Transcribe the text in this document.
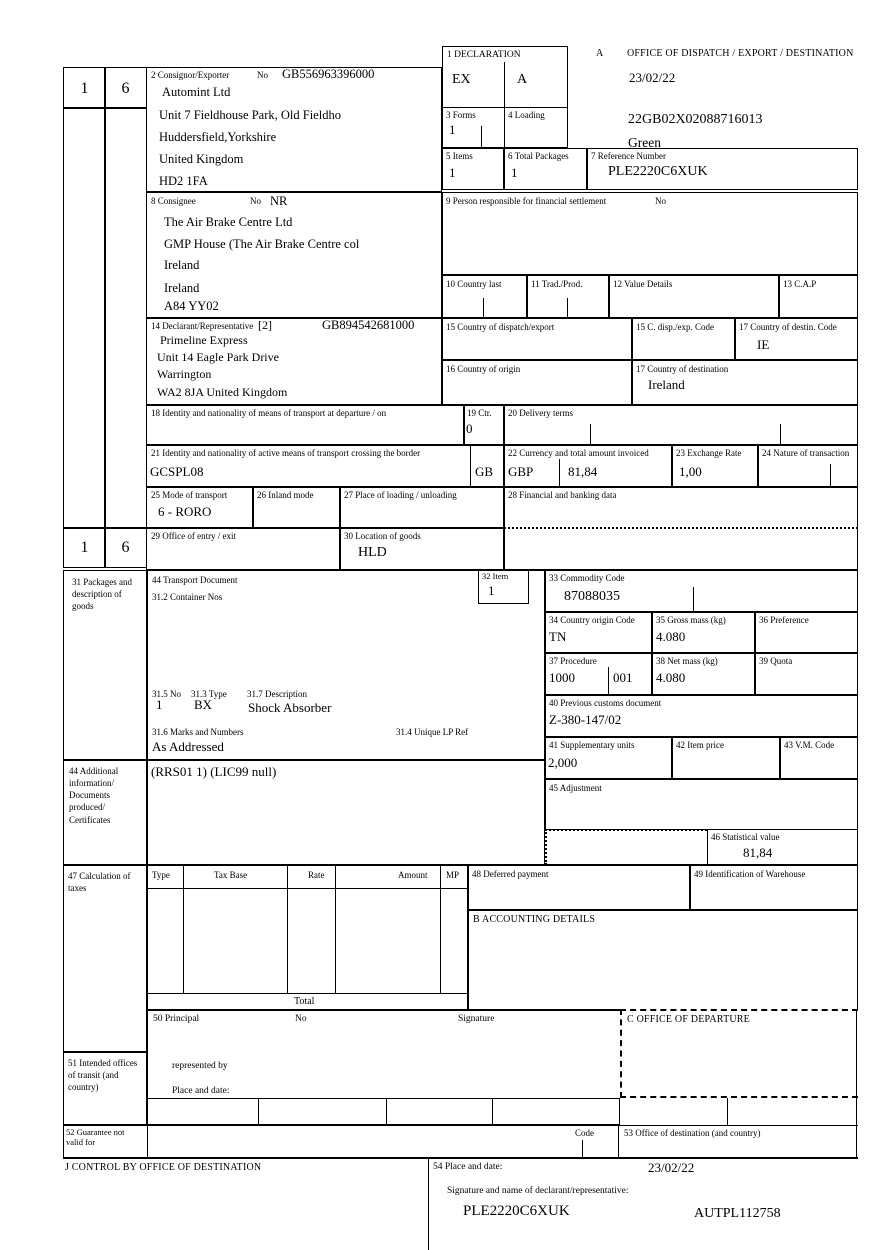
1	6
1	6
2 Consignor/Exporter	No GB556963396000
Automint Ltd
Unit 7 Fieldhouse Park, Old Fieldho
Huddersfield,Yorkshire
United Kingdom
HD2 1FA
1 DECLARATION
EX	A
3 Forms
1
4 Loading
5 Items
1
6 Total Packages
1
7 Reference Number
PLE2220C6XUK
A OFFICE OF DISPATCH / EXPORT / DESTINATION
23/02/22
22GB02X02088716013
Green
8 Consignee	No NR
The Air Brake Centre Ltd
GMP House (The Air Brake Centre col
Ireland
Ireland
A84 YY02
9 Person responsible for financial settlement	No
10 Country last	11 Trad./Prod.	12 Value Details	13 C.A.P
14 Declarant/Representative [2]	GB894542681000
Primeline Express
Unit 14 Eagle Park Drive
Warrington
WA2 8JA United Kingdom
15 Country of dispatch/export	15 C. disp./exp. Code	17 Country of destin. Code
IE
16 Country of origin	17 Country of destination
Ireland
18 Identity and nationality of means of transport at departure / on	19 Ctr.
0
20 Delivery terms
21 Identity and nationality of active means of transport crossing the border
GCSPL08	GB
22 Currency and total amount invoiced
GBP	81,84
23 Exchange Rate
1,00
24 Nature of transaction
25 Mode of transport
6 - RORO
26 Inland mode	27 Place of loading / unloading	28 Financial and banking data
29 Office of entry / exit	30 Location of goods
HLD
31 Packages and description of goods
44 Transport Document
31.2 Container Nos
32 Item
1
31.5 No
1
31.3 Type
BX
31.7 Description
Shock Absorber
31.6 Marks and Numbers	31.4 Unique LP Ref
As Addressed
33 Commodity Code
87088035
34 Country origin Code
TN
35 Gross mass (kg)
4.080
36 Preference
37 Procedure
1000	001
38 Net mass (kg)
4.080
39 Quota
40 Previous customs document
Z-380-147/02
41 Supplementary units
2,000
42 Item price	43 V.M. Code
44 Additional information/ Documents produced/ Certificates
(RRS01 1) (LIC99 null)
45 Adjustment
46 Statistical value
81,84
47 Calculation of taxes
Type	Tax Base	Rate	Amount MP
Total
48 Deferred payment	49 Identification of Warehouse
B ACCOUNTING DETAILS
50 Principal	No	Signature
represented by
Place and date:
C OFFICE OF DEPARTURE
51 Intended offices of transit (and country)
52 Guarantee not valid for
Code	53 Office of destination (and country)
J CONTROL BY OFFICE OF DESTINATION	54 Place and date:	23/02/22
Signature and name of declarant/representative:
PLE2220C6XUK	AUTPL112758
